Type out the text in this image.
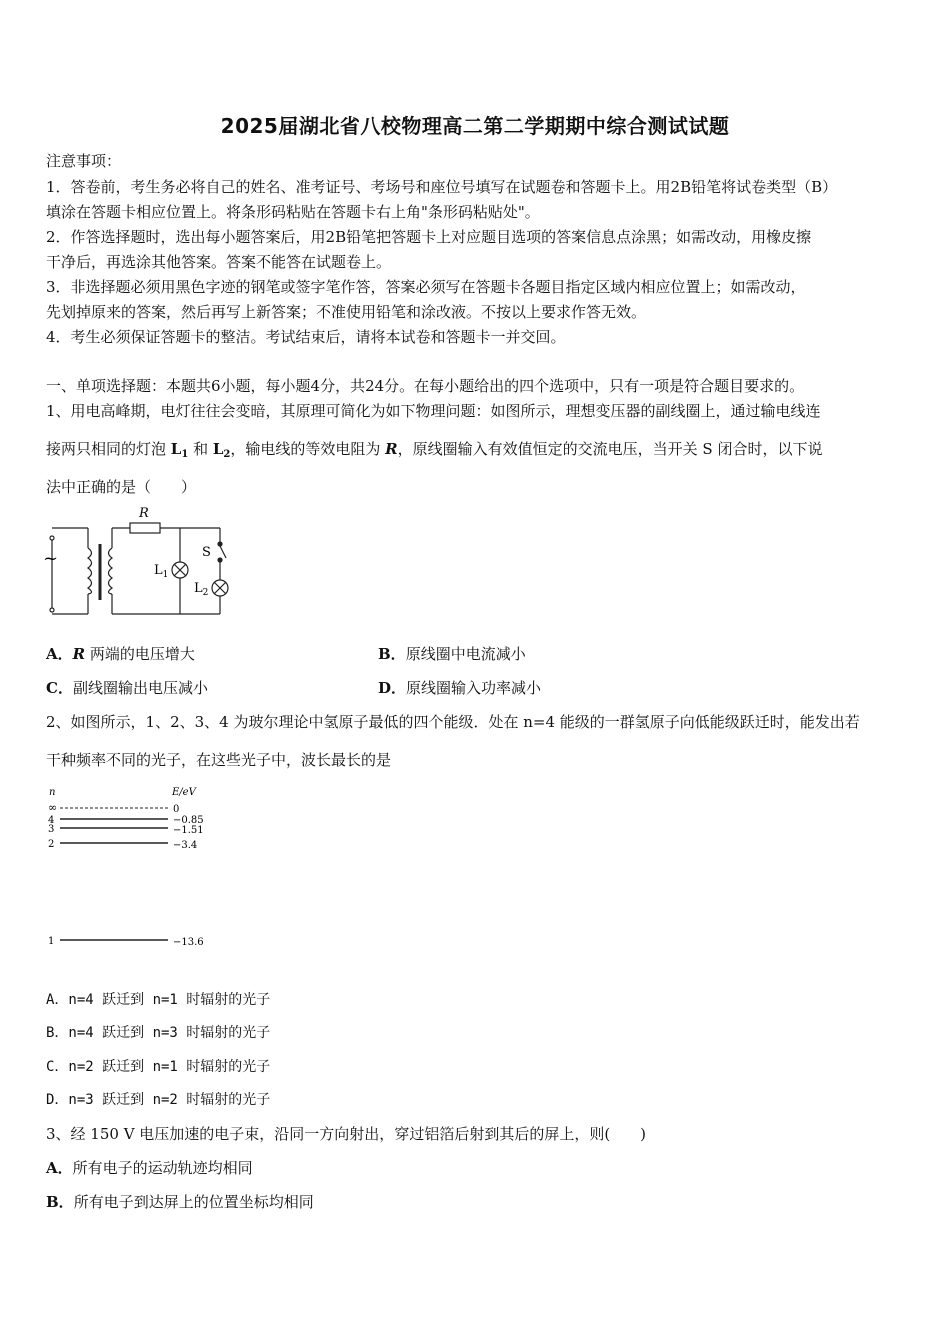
2025届湖北省八校物理高二第二学期期中综合测试试题
注意事项：
1．答卷前，考生务必将自己的姓名、准考证号、考场号和座位号填写在试题卷和答题卡上。用2B铅笔将试卷类型（B）
填涂在答题卡相应位置上。将条形码粘贴在答题卡右上角"条形码粘贴处"。
2．作答选择题时，选出每小题答案后，用2B铅笔把答题卡上对应题目选项的答案信息点涂黑；如需改动，用橡皮擦
干净后，再选涂其他答案。答案不能答在试题卷上。
3．非选择题必须用黑色字迹的钢笔或签字笔作答，答案必须写在答题卡各题目指定区域内相应位置上；如需改动，
先划掉原来的答案，然后再写上新答案；不准使用铅笔和涂改液。不按以上要求作答无效。
4．考生必须保证答题卡的整洁。考试结束后，请将本试卷和答题卡一并交回。
一、单项选择题：本题共6小题，每小题4分，共24分。在每小题给出的四个选项中，只有一项是符合题目要求的。
1、用电高峰期，电灯往往会变暗，其原理可简化为如下物理问题：如图所示，理想变压器的副线圈上，通过输电线连
接两只相同的灯泡 $L_1$ 和 $L_2$，输电线的等效电阻为 R，原线圈输入有效值恒定的交流电压，当开关 S 闭合时，以下说
法中正确的是（　　）
~
R
S
$L_1$
$L_2$
A．R 两端的电压增大	B．原线圈中电流减小
C．副线圈输出电压减小	D．原线圈输入功率减小
2、如图所示，1、2、3、4 为玻尔理论中氢原子最低的四个能级．处在 n=4 能级的一群氢原子向低能级跃迁时，能发出若
干种频率不同的光子，在这些光子中，波长最长的是
n	E/eV
∞	0
4	−0.85
3	−1.51
2	−3.4
1	−13.6
A．n=4 跃迁到 n=1 时辐射的光子
B．n=4 跃迁到 n=3 时辐射的光子
C．n=2 跃迁到 n=1 时辐射的光子
D．n=3 跃迁到 n=2 时辐射的光子
3、经 150 V 电压加速的电子束，沿同一方向射出，穿过铝箔后射到其后的屏上，则(　　)
A．所有电子的运动轨迹均相同
B．所有电子到达屏上的位置坐标均相同
